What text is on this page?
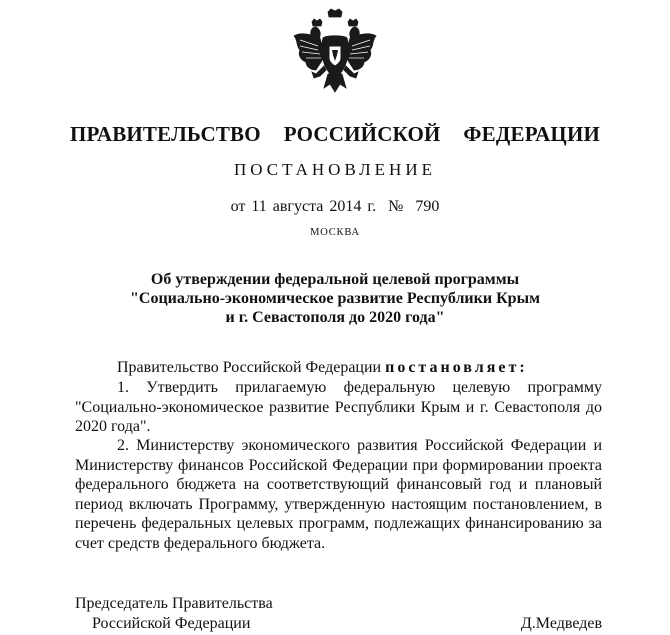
ПРАВИТЕЛЬСТВО  РОССИЙСКОЙ  ФЕДЕРАЦИИ
ПОСТАНОВЛЕНИЕ
от 11 августа 2014 г.  №  790
МОСКВА
Об утверждении федеральной целевой программы
"Социально-экономическое развитие Республики Крым
и г. Севастополя до 2020 года"
Правительство Российской Федерации постановляет:
1. Утвердить прилагаемую федеральную целевую программу "Социально-экономическое развитие Республики Крым и г. Севастополя до 2020 года".
2. Министерству экономического развития Российской Федерации и Министерству финансов Российской Федерации при формировании проекта федерального бюджета на соответствующий финансовый год и плановый период включать Программу, утвержденную настоящим постановлением, в перечень федеральных целевых программ, подлежащих финансированию за счет средств федерального бюджета.
Председатель Правительства
Российской Федерации	Д.Медведев
